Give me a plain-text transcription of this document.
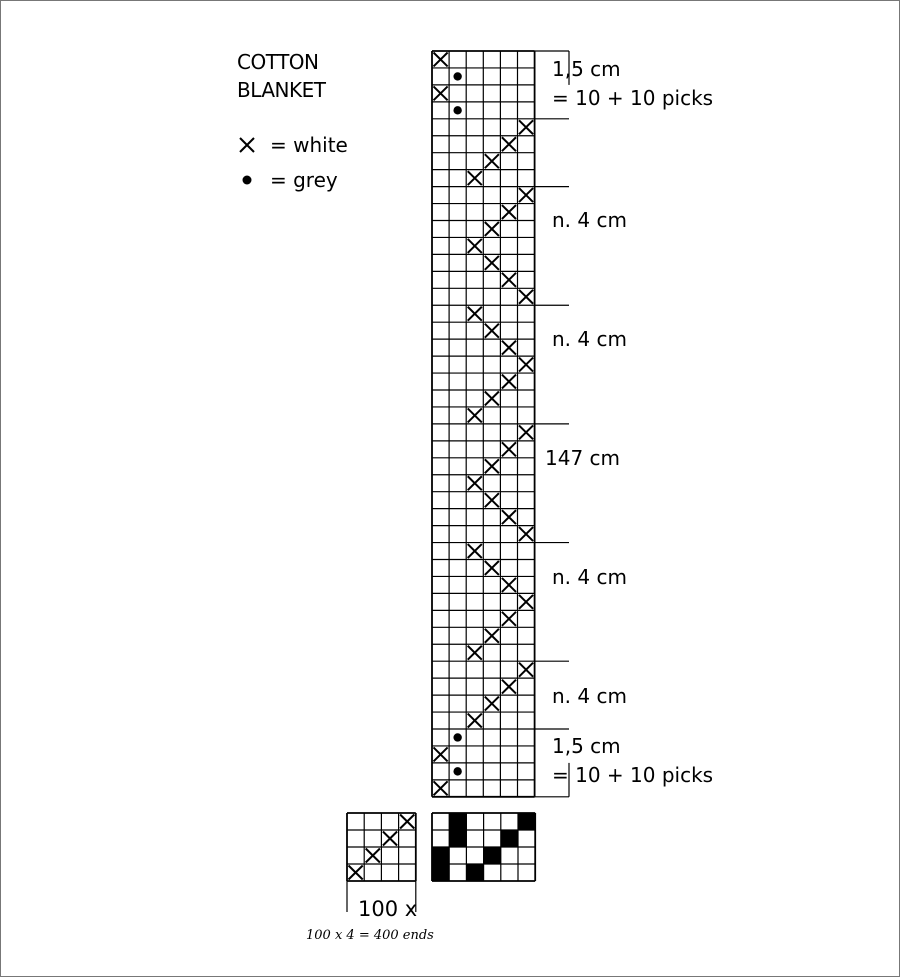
COTTON
BLANKET
= white
= grey
1,5 cm
= 10 + 10 picks
n. 4 cm
n. 4 cm
147 cm
n. 4 cm
n. 4 cm
1,5 cm
= 10 + 10 picks
100 x
100 x 4 = 400 ends
